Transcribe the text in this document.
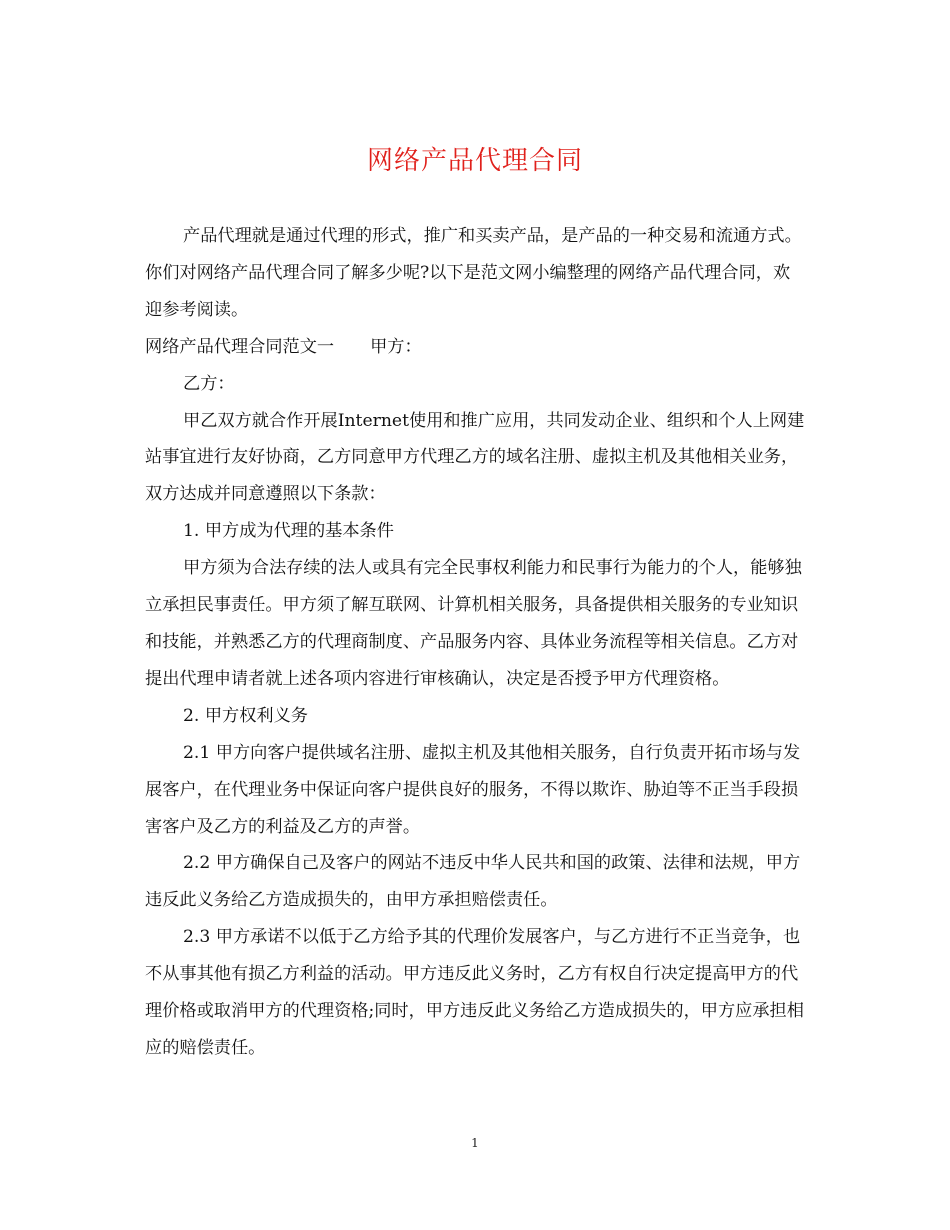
网络产品代理合同

产品代理就是通过代理的形式，推广和买卖产品，是产品的一种交易和流通方式。你们对网络产品代理合同了解多少呢?以下是范文网小编整理的网络产品代理合同，欢迎参考阅读。

网络产品代理合同范文一 甲方：

乙方：

甲乙双方就合作开展Internet使用和推广应用，共同发动企业、组织和个人上网建站事宜进行友好协商，乙方同意甲方代理乙方的域名注册、虚拟主机及其他相关业务，双方达成并同意遵照以下条款：

1. 甲方成为代理的基本条件

甲方须为合法存续的法人或具有完全民事权利能力和民事行为能力的个人，能够独立承担民事责任。甲方须了解互联网、计算机相关服务，具备提供相关服务的专业知识和技能，并熟悉乙方的代理商制度、产品服务内容、具体业务流程等相关信息。乙方对提出代理申请者就上述各项内容进行审核确认，决定是否授予甲方代理资格。

2. 甲方权利义务

2.1 甲方向客户提供域名注册、虚拟主机及其他相关服务，自行负责开拓市场与发展客户，在代理业务中保证向客户提供良好的服务，不得以欺诈、胁迫等不正当手段损害客户及乙方的利益及乙方的声誉。

2.2 甲方确保自己及客户的网站不违反中华人民共和国的政策、法律和法规，甲方违反此义务给乙方造成损失的，由甲方承担赔偿责任。

2.3 甲方承诺不以低于乙方给予其的代理价发展客户，与乙方进行不正当竞争，也不从事其他有损乙方利益的活动。甲方违反此义务时，乙方有权自行决定提高甲方的代理价格或取消甲方的代理资格;同时，甲方违反此义务给乙方造成损失的，甲方应承担相应的赔偿责任。

1
